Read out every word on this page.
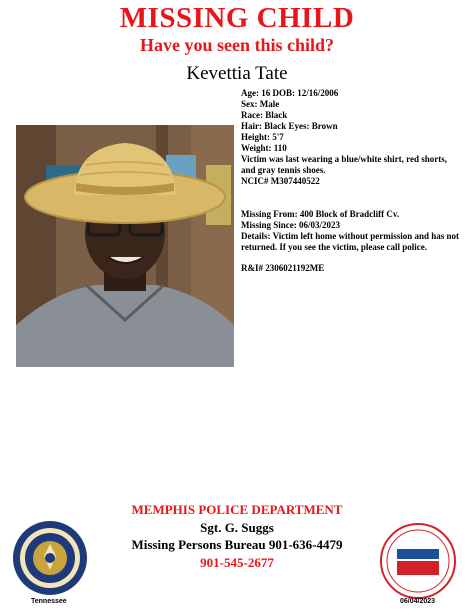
MISSING CHILD
Have you seen this child?
Kevettia Tate
Age: 16 DOB: 12/16/2006
Sex: Male
Race: Black
Hair: Black Eyes: Brown
Height: 5'7
Weight: 110
Victim was last wearing a blue/white shirt, red shorts, and gray tennis shoes.
NCIC# M307440522
Missing From: 400 Block of Bradcliff Cv.
Missing Since: 06/03/2023
Details: Victim left home without permission and has not returned. If you see the victim, please call police.
R&I# 2306021192ME
MEMPHIS POLICE DEPARTMENT
Sgt. G. Suggs
Missing Persons Bureau 901-636-4479
901-545-2677
Tennessee	06/04/2023
